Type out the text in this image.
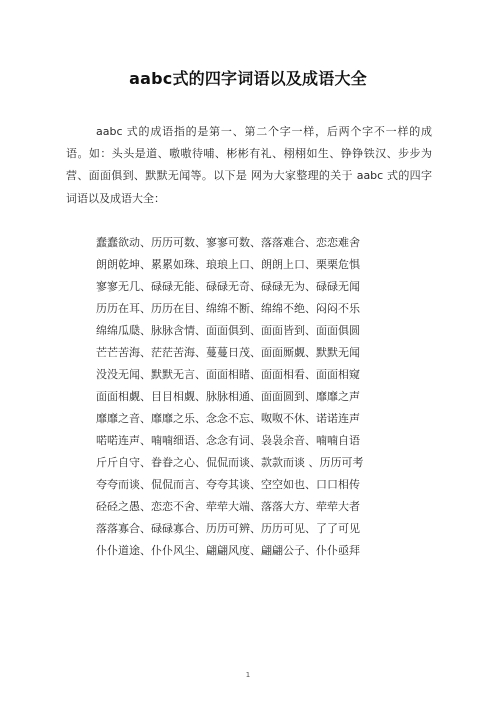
aabc式的四字词语以及成语大全

aabc 式的成语指的是第一、第二个字一样，后两个字不一样的成语。如：头头是道、嗷嗷待哺、彬彬有礼、栩栩如生、铮铮铁汉、步步为营、面面俱到、默默无闻等。以下是 网为大家整理的关于 aabc 式的四字词语以及成语大全：

蠢蠢欲动、历历可数、寥寥可数、落落难合、恋恋难舍
朗朗乾坤、累累如珠、琅琅上口、朗朗上口、栗栗危惧
寥寥无几、碌碌无能、碌碌无奇、碌碌无为、碌碌无闻
历历在耳、历历在目、绵绵不断、绵绵不绝、闷闷不乐
绵绵瓜瓞、脉脉含情、面面俱到、面面皆到、面面俱圆
芒芒苦海、茫茫苦海、蔓蔓日茂、面面厮觑、默默无闻
没没无闻、默默无言、面面相睹、面面相看、面面相窥
面面相觑、目目相觑、脉脉相通、面面圆到、靡靡之声
靡靡之音、靡靡之乐、念念不忘、呶呶不休、诺诺连声
喏喏连声、喃喃细语、念念有词、袅袅余音、喃喃自语
斤斤自守、眷眷之心、侃侃而谈、款款而谈 、历历可考
夸夸而谈、侃侃而言、夸夸其谈、空空如也、口口相传
硁硁之愚、恋恋不舍、荦荦大端、落落大方、荦荦大者
落落寡合、碌碌寡合、历历可辨、历历可见、了了可见
仆仆道途、仆仆风尘、翩翩风度、翩翩公子、仆仆亟拜
1
